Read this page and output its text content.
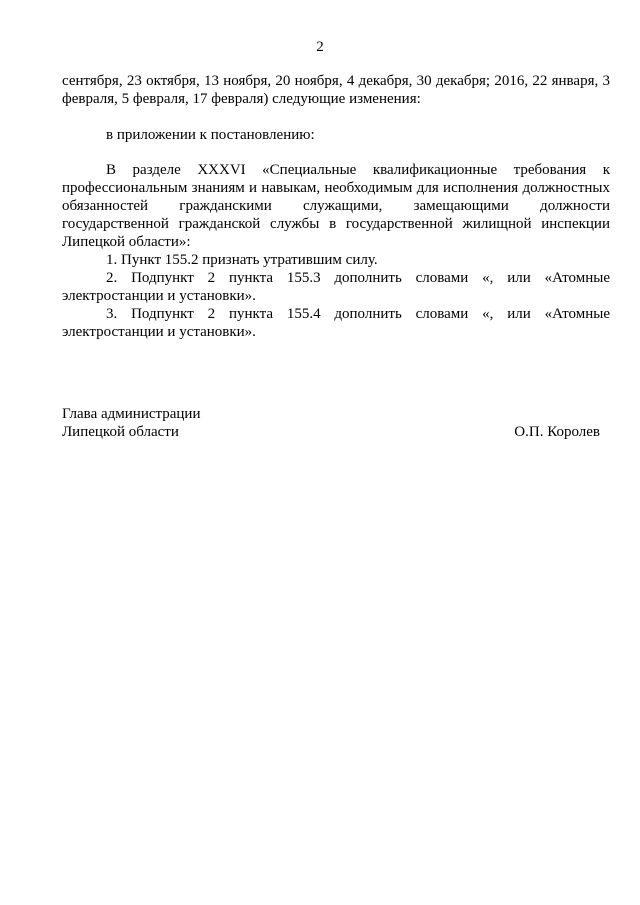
2

сентября, 23 октября, 13 ноября, 20 ноября, 4 декабря, 30 декабря; 2016, 22 января, 3 февраля, 5 февраля, 17 февраля) следующие изменения:

в приложении к постановлению:

В разделе XXXVI «Специальные квалификационные требования к профессиональным знаниям и навыкам, необходимым для исполнения должностных обязанностей гражданскими служащими, замещающими должности государственной гражданской службы в государственной жилищной инспекции Липецкой области»:

1. Пункт 155.2 признать утратившим силу.

2. Подпункт 2 пункта 155.3 дополнить словами «, или «Атомные электростанции и установки».

3. Подпункт 2 пункта 155.4 дополнить словами «, или «Атомные электростанции и установки».

Глава администрации
Липецкой области	О.П. Королев
